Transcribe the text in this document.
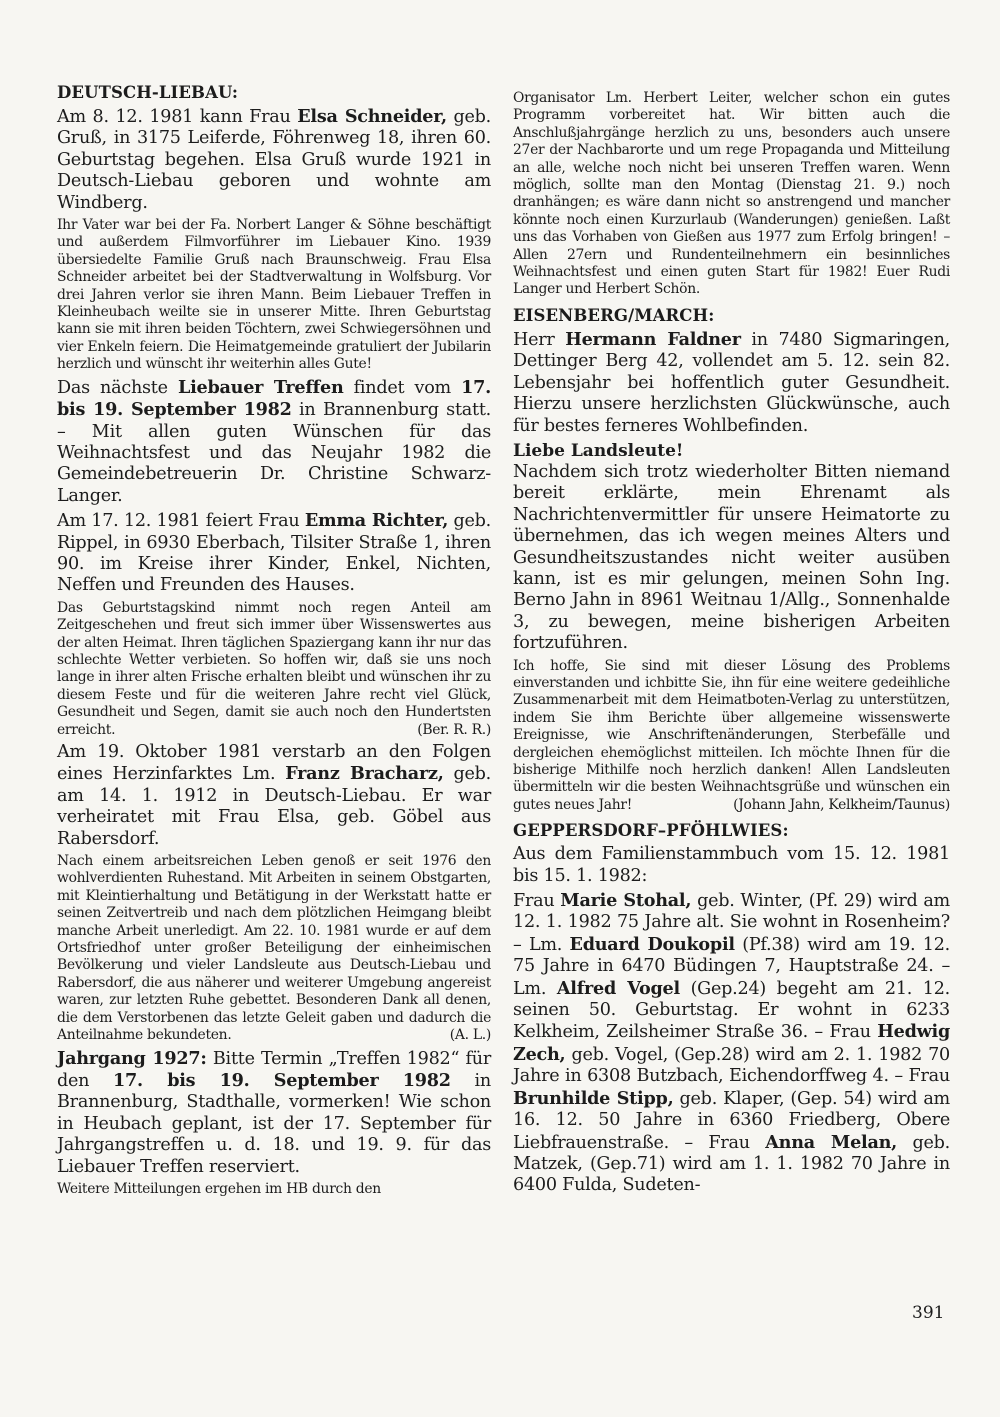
DEUTSCH-LIEBAU:

Am 8. 12. 1981 kann Frau Elsa Schneider, geb. Gruß, in 3175 Leiferde, Föhrenweg 18, ihren 60. Geburtstag begehen. Elsa Gruß wurde 1921 in Deutsch-Liebau geboren und wohnte am Windberg.

Ihr Vater war bei der Fa. Norbert Langer & Söhne beschäftigt und außerdem Filmvorführer im Liebauer Kino. 1939 übersiedelte Familie Gruß nach Braunschweig. Frau Elsa Schneider arbeitet bei der Stadtverwaltung in Wolfsburg. Vor drei Jahren verlor sie ihren Mann. Beim Liebauer Treffen in Kleinheubach weilte sie in unserer Mitte. Ihren Geburtstag kann sie mit ihren beiden Töchtern, zwei Schwiegersöhnen und vier Enkeln feiern. Die Heimatgemeinde gratuliert der Jubilarin herzlich und wünscht ihr weiterhin alles Gute!

Das nächste Liebauer Treffen findet vom 17. bis 19. September 1982 in Brannenburg statt. – Mit allen guten Wünschen für das Weihnachtsfest und das Neujahr 1982 die Gemeindebetreuerin Dr. Christine Schwarz-Langer.

Am 17. 12. 1981 feiert Frau Emma Richter, geb. Rippel, in 6930 Eberbach, Tilsiter Straße 1, ihren 90. im Kreise ihrer Kinder, Enkel, Nichten, Neffen und Freunden des Hauses.

Das Geburtstagskind nimmt noch regen Anteil am Zeitgeschehen und freut sich immer über Wissenswertes aus der alten Heimat. Ihren täglichen Spaziergang kann ihr nur das schlechte Wetter verbieten. So hoffen wir, daß sie uns noch lange in ihrer alten Frische erhalten bleibt und wünschen ihr zu diesem Feste und für die weiteren Jahre recht viel Glück, Gesundheit und Segen, damit sie auch noch den Hundertsten erreicht.	(Ber. R. R.)

Am 19. Oktober 1981 verstarb an den Folgen eines Herzinfarktes Lm. Franz Bracharz, geb. am 14. 1. 1912 in Deutsch-Liebau. Er war verheiratet mit Frau Elsa, geb. Göbel aus Rabersdorf.

Nach einem arbeitsreichen Leben genoß er seit 1976 den wohlverdienten Ruhestand. Mit Arbeiten in seinem Obstgarten, mit Kleintierhaltung und Betätigung in der Werkstatt hatte er seinen Zeitvertreib und nach dem plötzlichen Heimgang bleibt manche Arbeit unerledigt. Am 22. 10. 1981 wurde er auf dem Ortsfriedhof unter großer Beteiligung der einheimischen Bevölkerung und vieler Landsleute aus Deutsch-Liebau und Rabersdorf, die aus näherer und weiterer Umgebung angereist waren, zur letzten Ruhe gebettet. Besonderen Dank all denen, die dem Verstorbenen das letzte Geleit gaben und dadurch die Anteilnahme bekundeten.	(A. L.)

Jahrgang 1927: Bitte Termin „Treffen 1982“ für den 17. bis 19. September 1982 in Brannenburg, Stadthalle, vormerken! Wie schon in Heubach geplant, ist der 17. September für Jahrgangstreffen u. d. 18. und 19. 9. für das Liebauer Treffen reserviert.

Weitere Mitteilungen ergehen im HB durch den

Organisator Lm. Herbert Leiter, welcher schon ein gutes Programm vorbereitet hat. Wir bitten auch die Anschlußjahrgänge herzlich zu uns, besonders auch unsere 27er der Nachbarorte und um rege Propaganda und Mitteilung an alle, welche noch nicht bei unseren Treffen waren. Wenn möglich, sollte man den Montag (Dienstag 21. 9.) noch dranhängen; es wäre dann nicht so anstrengend und mancher könnte noch einen Kurzurlaub (Wanderungen) genießen. Laßt uns das Vorhaben von Gießen aus 1977 zum Erfolg bringen! – Allen 27ern und Rundenteilnehmern ein besinnliches Weihnachtsfest und einen guten Start für 1982! Euer Rudi Langer und Herbert Schön.

EISENBERG/MARCH:

Herr Hermann Faldner in 7480 Sigmaringen, Dettinger Berg 42, vollendet am 5. 12. sein 82. Lebensjahr bei hoffentlich guter Gesundheit. Hierzu unsere herzlichsten Glückwünsche, auch für bestes ferneres Wohlbefinden.

Liebe Landsleute!

Nachdem sich trotz wiederholter Bitten niemand bereit erklärte, mein Ehrenamt als Nachrichtenvermittler für unsere Heimatorte zu übernehmen, das ich wegen meines Alters und Gesundheitszustandes nicht weiter ausüben kann, ist es mir gelungen, meinen Sohn Ing. Berno Jahn in 8961 Weitnau 1/Allg., Sonnenhalde 3, zu bewegen, meine bisherigen Arbeiten fortzuführen.

Ich hoffe, Sie sind mit dieser Lösung des Problems einverstanden und ichbitte Sie, ihn für eine weitere gedeihliche Zusammenarbeit mit dem Heimatboten-Verlag zu unterstützen, indem Sie ihm Berichte über allgemeine wissenswerte Ereignisse, wie Anschriftenänderungen, Sterbefälle und dergleichen ehemöglichst mitteilen. Ich möchte Ihnen für die bisherige Mithilfe noch herzlich danken! Allen Landsleuten übermitteln wir die besten Weihnachtsgrüße und wünschen ein gutes neues Jahr!	(Johann Jahn, Kelkheim/Taunus)

GEPPERSDORF–PFÖHLWIES:

Aus dem Familienstammbuch vom 15. 12. 1981 bis 15. 1. 1982:

Frau Marie Stohal, geb. Winter, (Pf. 29) wird am 12. 1. 1982 75 Jahre alt. Sie wohnt in Rosenheim? – Lm. Eduard Doukopil (Pf.38) wird am 19. 12. 75 Jahre in 6470 Büdingen 7, Hauptstraße 24. – Lm. Alfred Vogel (Gep.24) begeht am 21. 12. seinen 50. Geburtstag. Er wohnt in 6233 Kelkheim, Zeilsheimer Straße 36. – Frau Hedwig Zech, geb. Vogel, (Gep.28) wird am 2. 1. 1982 70 Jahre in 6308 Butzbach, Eichendorffweg 4. – Frau Brunhilde Stipp, geb. Klaper, (Gep. 54) wird am 16. 12. 50 Jahre in 6360 Friedberg, Obere Liebfrauenstraße. – Frau Anna Melan, geb. Matzek, (Gep.71) wird am 1. 1. 1982 70 Jahre in 6400 Fulda, Sudeten-

391
